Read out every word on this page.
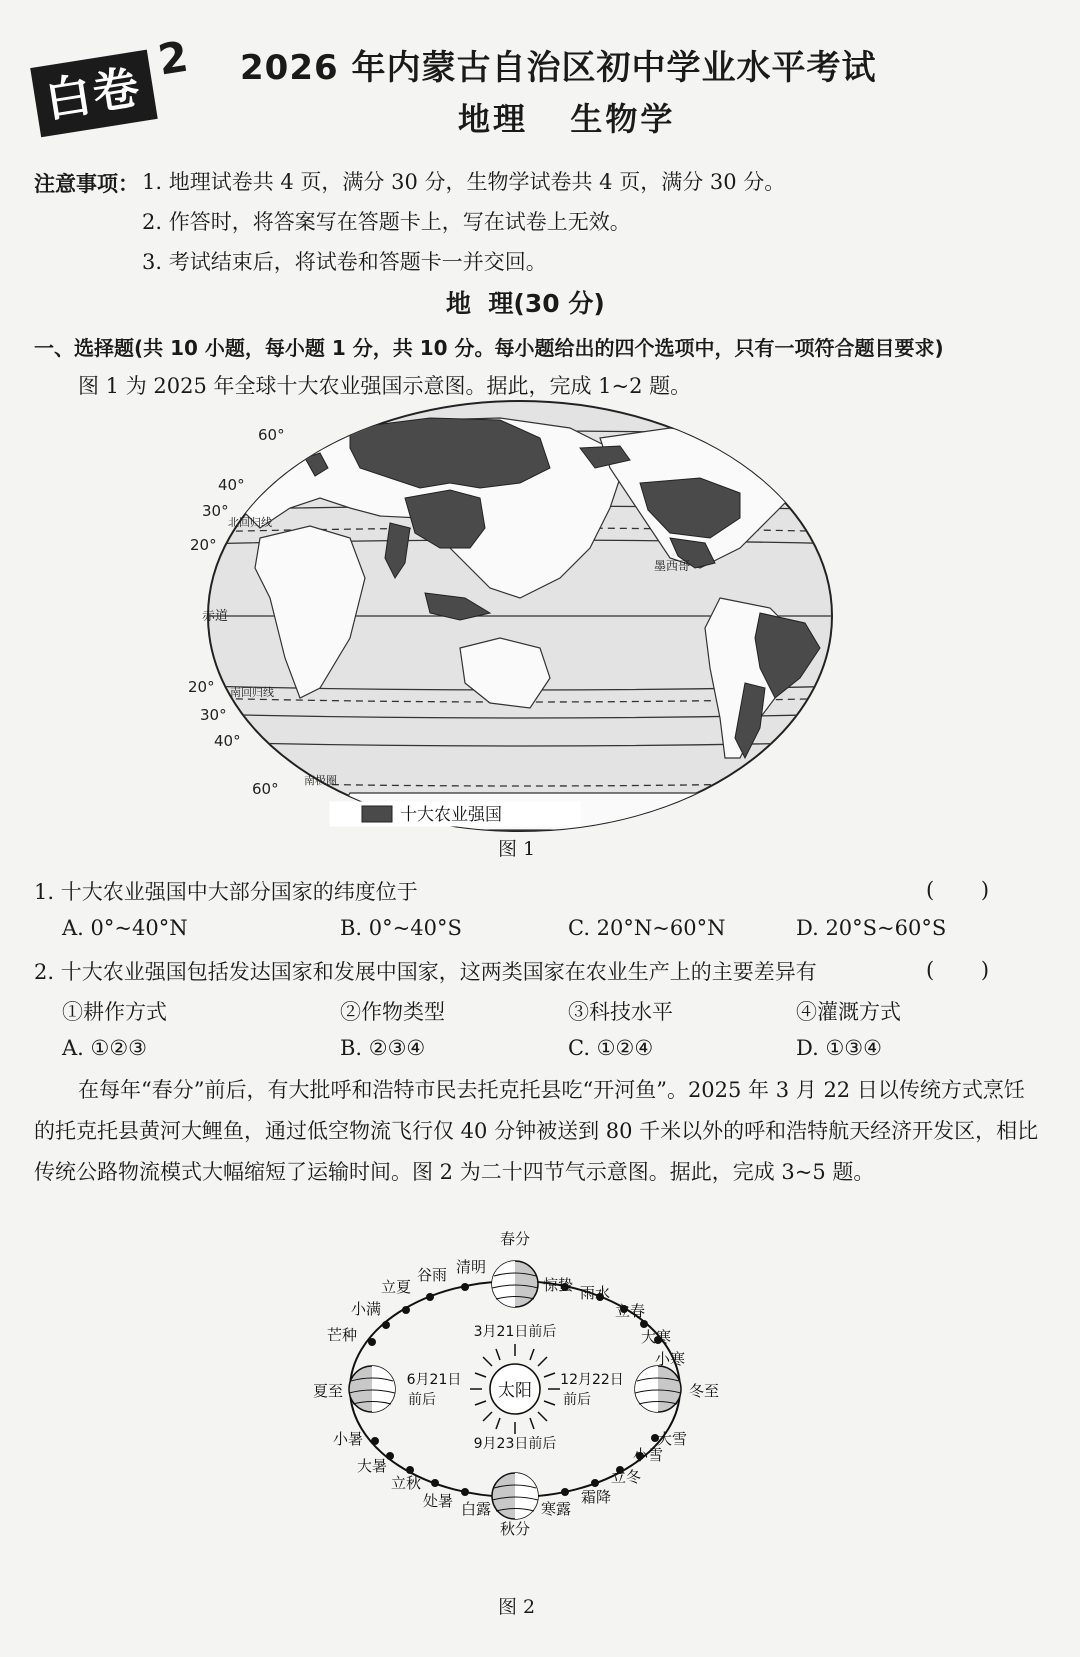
白卷
2 2026 年内蒙古自治区初中学业水平考试
地理   生物学
注意事项： 1. 地理试卷共 4 页，满分 30 分，生物学试卷共 4 页，满分 30 分。
2. 作答时，将答案写在答题卡上，写在试卷上无效。
3. 考试结束后，将试卷和答题卡一并交回。
地  理(30 分)
一、选择题(共 10 小题，每小题 1 分，共 10 分。每小题给出的四个选项中，只有一项符合题目要求)
图 1 为 2025 年全球十大农业强国示意图。据此，完成 1~2 题。
60°
40°
30°
20°
赤道
20°
30°
40°
60°
北回归线
南回归线
南极圈
墨西哥
十大农业强国
图 1
1. 十大农业强国中大部分国家的纬度位于	(       )
A. 0°~40°N	B. 0°~40°S	C. 20°N~60°N	D. 20°S~60°S
2. 十大农业强国包括发达国家和发展中国家，这两类国家在农业生产上的主要差异有	(       )
①耕作方式	②作物类型	③科技水平	④灌溉方式
A. ①②③	B. ②③④	C. ①②④	D. ①③④
在每年“春分”前后，有大批呼和浩特市民去托克托县吃“开河鱼”。2025 年 3 月 22 日以传统方式烹饪的托克托县黄河大鲤鱼，通过低空物流飞行仅 40 分钟被送到 80 千米以外的呼和浩特航天经济开发区，相比传统公路物流模式大幅缩短了运输时间。图 2 为二十四节气示意图。据此，完成 3~5 题。
太阳
3月21日前后
6月21日
前后
12月22日
前后
9月23日前后
春分
清明
谷雨
立夏
小满
芒种
夏至
小暑
大暑
立秋
处暑 白露
秋分
寒露
霜降
立冬
小雪
大雪
冬至
小寒
大寒
立春
雨水
惊蛰
图 2
